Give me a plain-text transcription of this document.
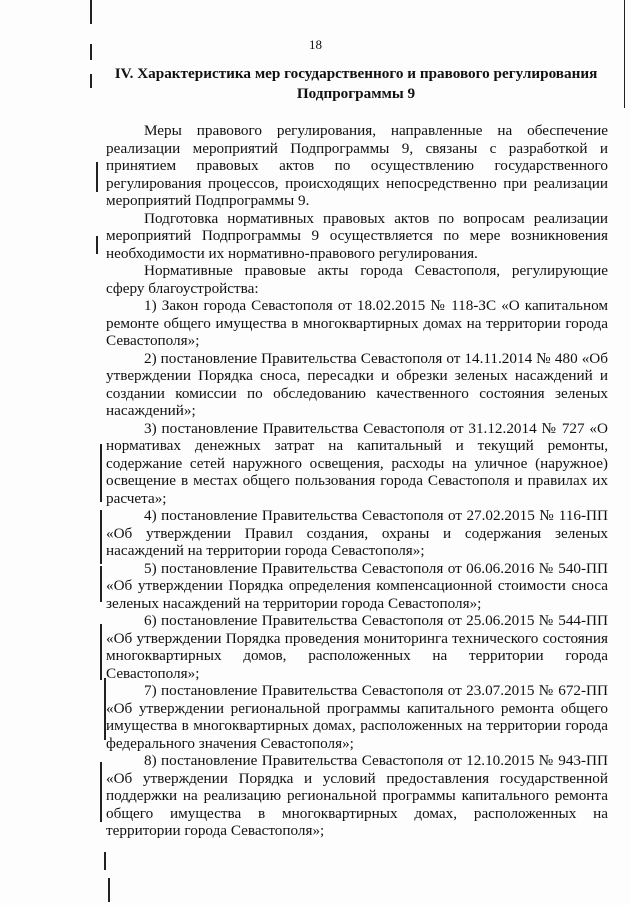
18
IV. Характеристика мер государственного и правового регулирования Подпрограммы 9

Меры правового регулирования, направленные на обеспечение реализации мероприятий Подпрограммы 9, связаны с разработкой и принятием правовых актов по осуществлению государственного регулирования процессов, происходящих непосредственно при реализации мероприятий Подпрограммы 9.

Подготовка нормативных правовых актов по вопросам реализации мероприятий Подпрограммы 9 осуществляется по мере возникновения необходимости их нормативно-правового регулирования.

Нормативные правовые акты города Севастополя, регулирующие сферу благоустройства:

1) Закон города Севастополя от 18.02.2015 № 118-ЗС «О капитальном ремонте общего имущества в многоквартирных домах на территории города Севастополя»;

2) постановление Правительства Севастополя от 14.11.2014 № 480 «Об утверждении Порядка сноса, пересадки и обрезки зеленых насаждений и создании комиссии по обследованию качественного состояния зеленых насаждений»;

3) постановление Правительства Севастополя от 31.12.2014 № 727 «О нормативах денежных затрат на капитальный и текущий ремонты, содержание сетей наружного освещения, расходы на уличное (наружное) освещение в местах общего пользования города Севастополя и правилах их расчета»;

4) постановление Правительства Севастополя от 27.02.2015 № 116-ПП «Об утверждении Правил создания, охраны и содержания зеленых насаждений на территории города Севастополя»;

5) постановление Правительства Севастополя от 06.06.2016 № 540-ПП «Об утверждении Порядка определения компенсационной стоимости сноса зеленых насаждений на территории города Севастополя»;

6) постановление Правительства Севастополя от 25.06.2015 № 544-ПП «Об утверждении Порядка проведения мониторинга технического состояния многоквартирных домов, расположенных на территории города Севастополя»;

7) постановление Правительства Севастополя от 23.07.2015 № 672-ПП «Об утверждении региональной программы капитального ремонта общего имущества в многоквартирных домах, расположенных на территории города федерального значения Севастополя»;

8) постановление Правительства Севастополя от 12.10.2015 № 943-ПП «Об утверждении Порядка и условий предоставления государственной поддержки на реализацию региональной программы капитального ремонта общего имущества в многоквартирных домах, расположенных на территории города Севастополя»;
